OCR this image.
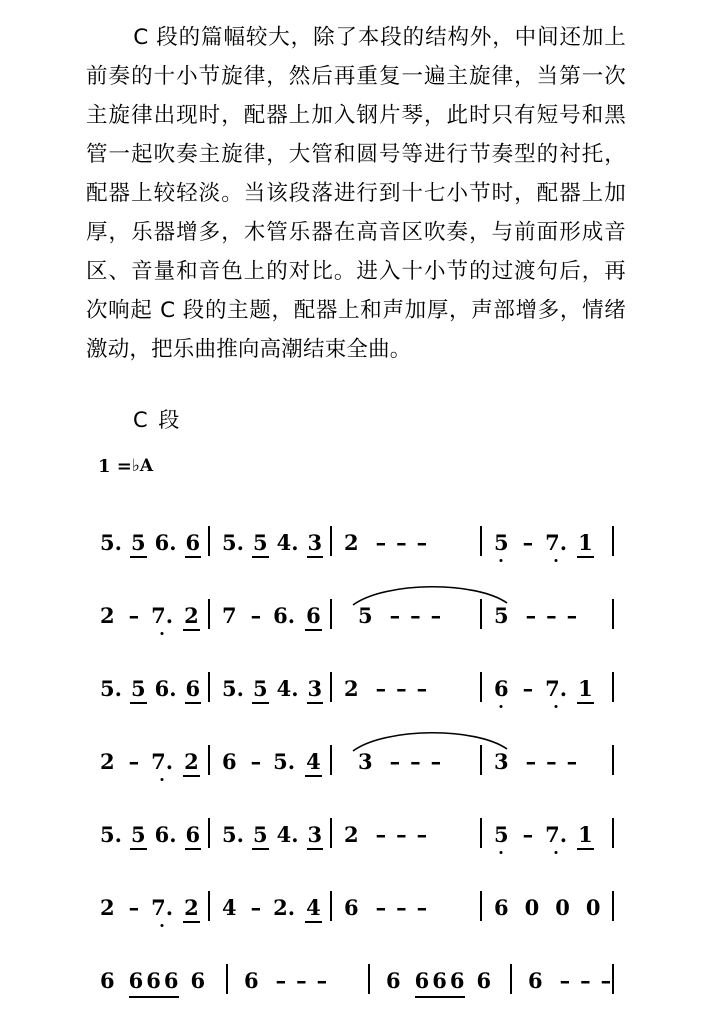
C 段的篇幅较大，除了本段的结构外，中间还加上前奏的十小节旋律，然后再重复一遍主旋律，当第一次主旋律出现时，配器上加入钢片琴，此时只有短号和黑管一起吹奏主旋律，大管和圆号等进行节奏型的衬托，配器上较轻淡。当该段落进行到十七小节时，配器上加厚，乐器增多，木管乐器在高音区吹奏，与前面形成音区、音量和音色上的对比。进入十小节的过渡句后，再次响起 C 段的主题，配器上和声加厚，声部增多，情绪激动，把乐曲推向高潮结束全曲。

C 段
1 =♭A
5. 5 6. 6 5. 5 4. 3 2 – – –	5 – 7
. 1
2 – 7
. 2 7 – 6. 6 5 – – –	5 – – –
5. 5 6. 6 5. 5 4. 3 2 – – –	6 – 7
. 1
2 – 7
. 2 6 – 5. 4 3 – – –	3 – – –
5. 5 6. 6 5. 5 4. 3 2 – – –	5 – 7
. 1
2 – 7
. 2 4 – 2. 4 6 – – –	6 0 0 0
6 6 6 6 6 6 – – –	6 6 6 6 6 6 – – –
